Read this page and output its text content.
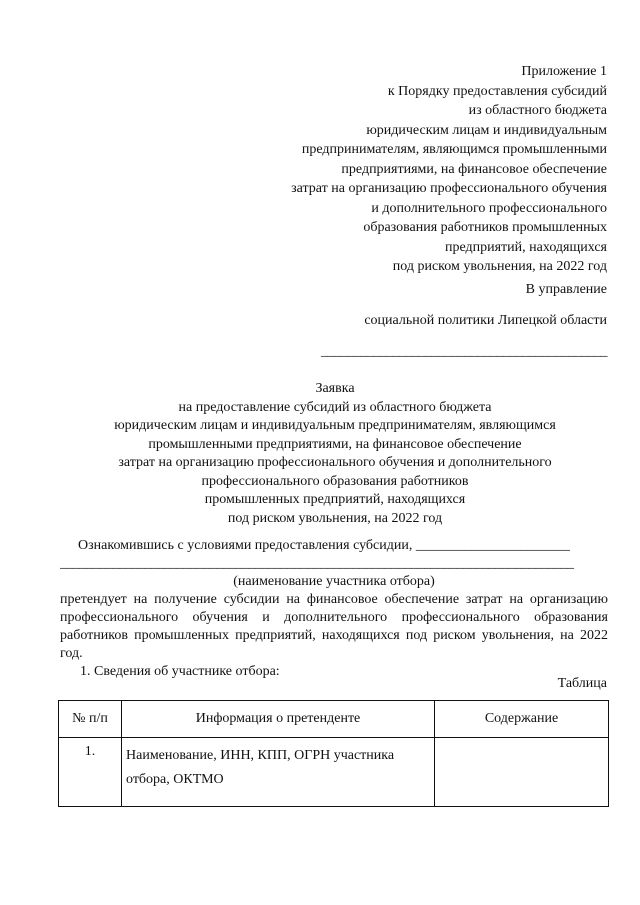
Приложение 1
к Порядку предоставления субсидий
из областного бюджета
юридическим лицам и индивидуальным
предпринимателям, являющимся промышленными
предприятиями, на финансовое обеспечение
затрат на организацию профессионального обучения
и дополнительного профессионального
образования работников промышленных
предприятий, находящихся
под риском увольнения, на 2022 год
В управление
социальной политики Липецкой области
____________________________________________
Заявка
на предоставление субсидий из областного бюджета
юридическим лицам и индивидуальным предпринимателям, являющимся
промышленными предприятиями, на финансовое обеспечение
затрат на организацию профессионального обучения и дополнительного
профессионального образования работников
промышленных предприятий, находящихся
под риском увольнения, на 2022 год
Ознакомившись с условиями предоставления субсидии, ______________________
_______________________________________________________________________________
(наименование участника отбора)

претендует на получение субсидии на финансовое обеспечение затрат на организацию профессионального обучения и дополнительного профессионального образования работников промышленных предприятий, находящихся под риском увольнения, на 2022 год.

1. Сведения об участнике отбора:
Таблица
№ п/п	Информация о претенденте	Содержание
1.	Наименование, ИНН, КПП, ОГРН участника отбора, ОКТМО	
